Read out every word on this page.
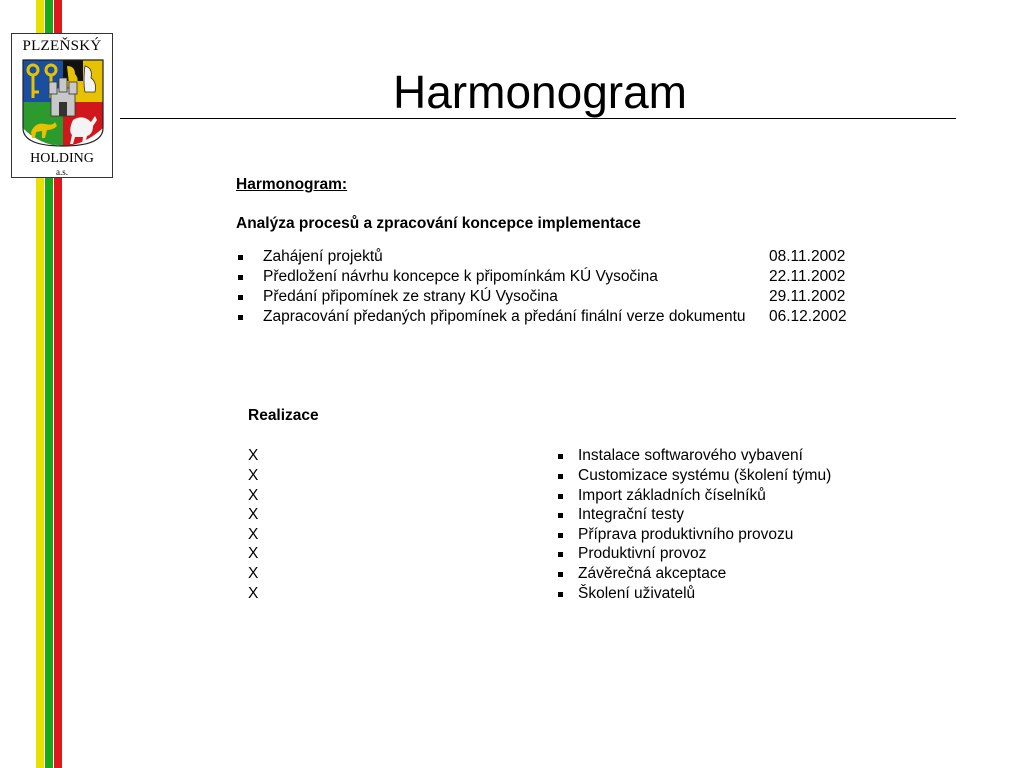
PLZEŇSKÝ
HOLDING
a.s.
Harmonogram
Harmonogram:
Analýza procesů a zpracování koncepce implementace
Zahájení projektů	08.11.2002
Předložení návrhu koncepce k připomínkám KÚ Vysočina	22.11.2002
Předání připomínek ze strany KÚ Vysočina	29.11.2002
Zapracování předaných připomínek a předání finální verze dokumentu	06.12.2002
Realizace
X	Instalace softwarového vybavení
X	Customizace systému (školení týmu)
X	Import základních číselníků
X	Integrační testy
X	Příprava produktivního provozu
X	Produktivní provoz
X	Závěrečná akceptace
X	Školení uživatelů
